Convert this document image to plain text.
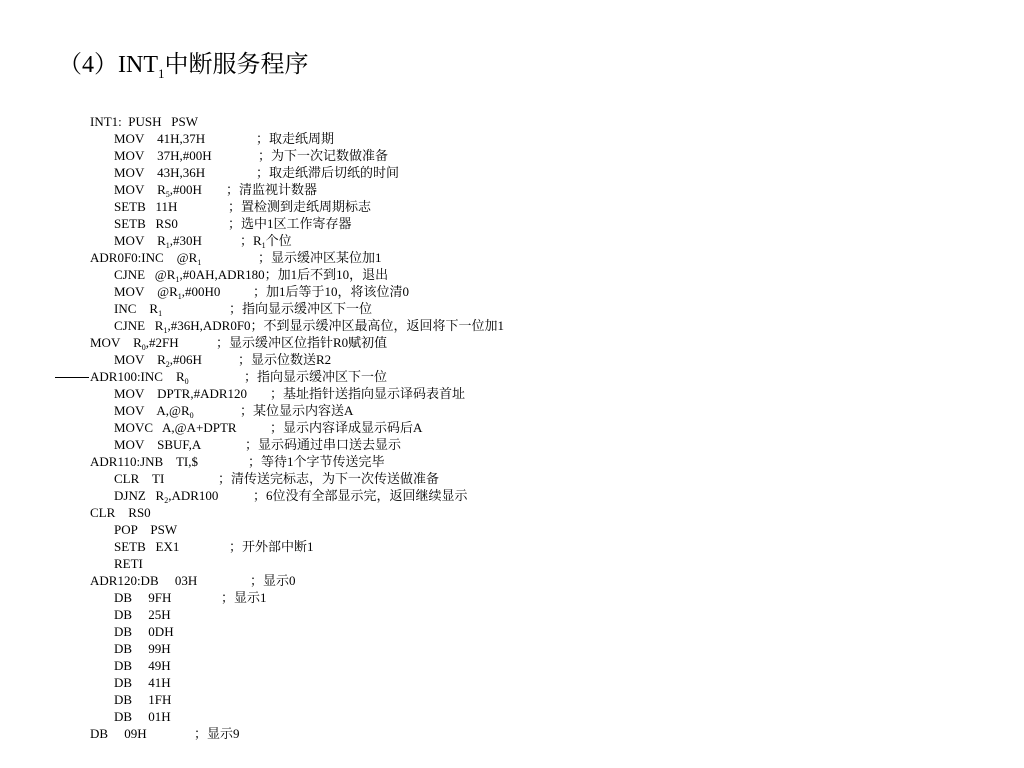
$(4)INT_1$中断服务程序
INT1:  PUSH   PSW
MOV    41H,37H	；取走纸周期
MOV    37H,#00H	；为下一次记数做准备
MOV    43H,36H	；取走纸滞后切纸的时间
MOV    $R_5,\#00H$ ；清监视计数器
SETB   11H	；置检测到走纸周期标志
SETB   RS0	；选中1区工作寄存器
MOV    $R_1,\#30H$	；$R_1$个位
ADR0F0:INC    $@R_1$	；显示缓冲区某位加1
CJNE   $@R_1,\#0AH,ADR180$；加1后不到10，退出
MOV    $@R_1,\#00H0$	；加1后等于10，将该位清0
INC    $R_1$	；指向显示缓冲区下一位
CJNE   $R_1,\#36H,ADR0F0$；不到显示缓冲区最高位，返回将下一位加1
MOV    $R_0,\#2FH$	；显示缓冲区位指针R0赋初值
MOV    $R_2,\#06H$	；显示位数送R2
ADR100:INC    $R_0$	；指向显示缓冲区下一位
MOV    DPTR,#ADR120 ；基址指针送指向显示译码表首址
MOV    $A,@R_0$	；某位显示内容送A
MOVC   A,@A+DPTR	；显示内容译成显示码后A
MOV    SBUF,A	；显示码通过串口送去显示
ADR110:JNB    TI,$	；等待1个字节传送完毕
CLR    TI	；清传送完标志，为下一次传送做准备
DJNZ   $R_2,ADR100$	；6位没有全部显示完，返回继续显示
CLR    RS0
POP    PSW
SETB   EX1	；开外部中断1
RETI
ADR120:DB     03H	；显示0
DB     9FH	；显示1
DB     25H
DB     0DH
DB     99H
DB     49H
DB     41H
DB     1FH
DB     01H
DB     09H	；显示9
